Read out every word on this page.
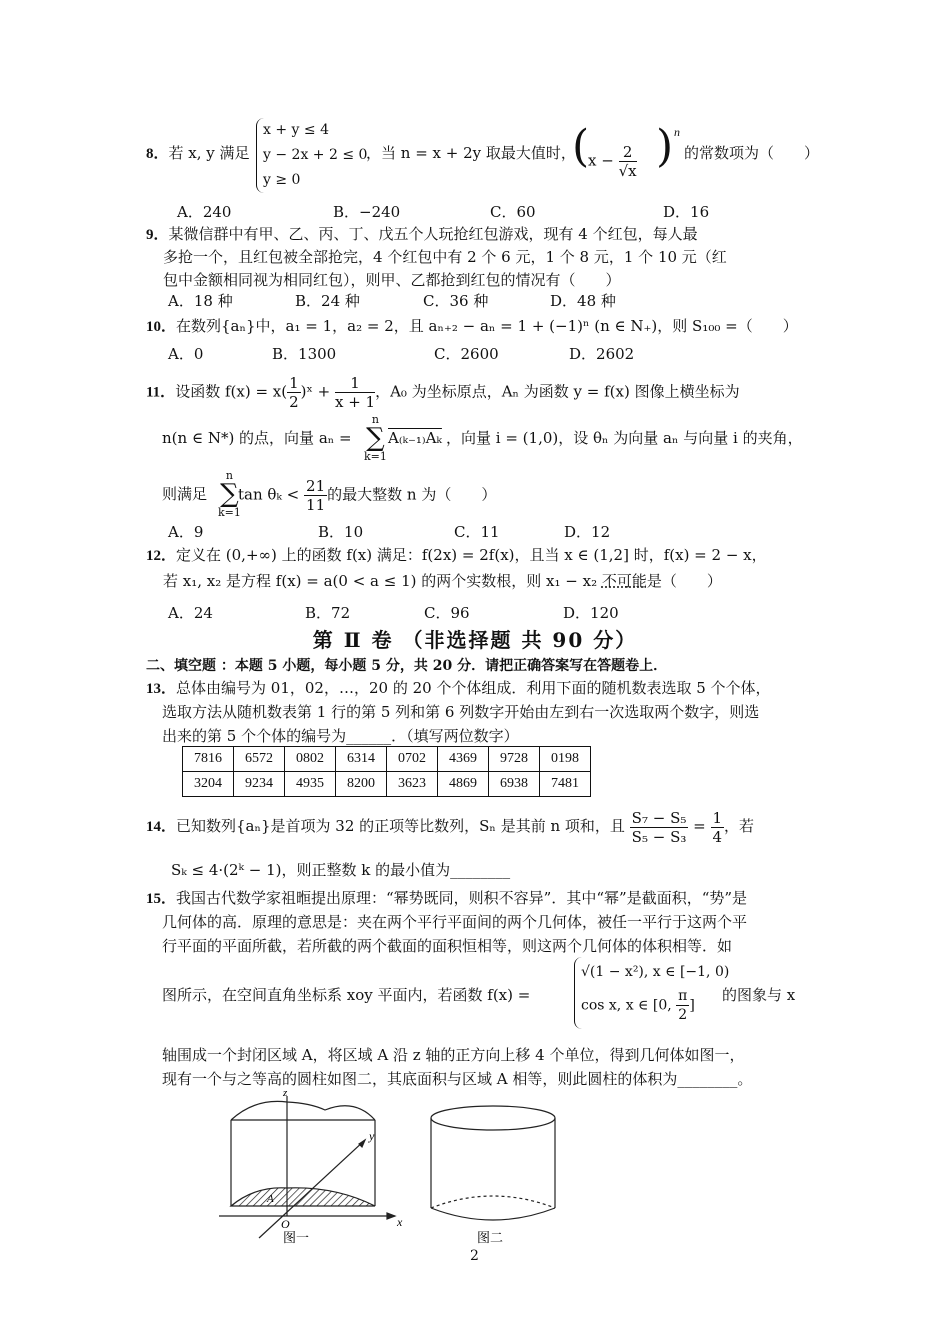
8．若 x, y 满足
x + y ≤ 4
y − 2x + 2 ≤ 0
y ≥ 0
，当 n = x + 2y 取最大值时，
(
$x - \frac{2}{√x}$ ) n
的常数项为（　　）
A．240	B．−240	C．60	D．16
9．某微信群中有甲、乙、丙、丁、戊五个人玩抢红包游戏，现有 4 个红包，每人最
多抢一个，且红包被全部抢完，4 个红包中有 2 个 6 元，1 个 8 元，1 个 10 元（红
包中金额相同视为相同红包），则甲、乙都抢到红包的情况有（　　）
A．18 种	B．24 种	C．36 种	D．48 种
10．在数列{aₙ}中，a₁ = 1，a₂ = 2，且 aₙ₊₂ − aₙ = 1 + (−1)ⁿ (n ∈ N₊)，则 S₁₀₀ =（　　）
A．0	B．1300	C．2600	D．2602
11．设函数 $f(x) = x( \frac{1}{2}$ )ˣ + $\frac{1}{x + 1}$ ，A₀ 为坐标原点，Aₙ 为函数 y = f(x) 图像上横坐标为
n(n ∈ N*) 的点，向量 aₙ =
n
∑
k=1
A₍ₖ₋₁₎Aₖ ，向量 i = (1,0)，设 θₙ 为向量 aₙ 与向量 i 的夹角，
则满足
n
∑
k=1
$\tan \theta_k < \frac{21}{11}$ 的最大整数 n 为（　　）
A．9	B．10	C．11	D．12
12．定义在 (0,+∞) 上的函数 f(x) 满足：f(2x) = 2f(x)，且当 x ∈ (1,2] 时，f(x) = 2 − x，
若 x₁, x₂ 是方程 f(x) = a(0 < a ≤ 1) 的两个实数根，则 x₁ − x₂ 不可能是（　　）
A．24	B．72	C．96	D．120
第 Ⅱ 卷 （非选择题 共 90 分）
二、填空题 ：本题 5 小题，每小题 5 分，共 20 分．请把正确答案写在答题卷上．
13．总体由编号为 01，02，…，20 的 20 个个体组成．利用下面的随机数表选取 5 个个体，
选取方法从随机数表第 1 行的第 5 列和第 6 列数字开始由左到右一次选取两个数字，则选
出来的第 5 个个体的编号为______．（填写两位数字）
7816	6572	0802	6314	0702	4369	9728	0198
3204	9234	4935	8200	3623	4869	6938	7481
14．已知数列{aₙ}是首项为 32 的正项等比数列，Sₙ 是其前 n 项和，且 $\frac{\text{S₇ − S₅}}{\text{S₅ − S₃}} = \frac{1}{4}$ ，若
Sₖ ≤ 4·(2ᵏ − 1)，则正整数 k 的最小值为________
15．我国古代数学家祖暅提出原理：“幂势既同，则积不容异”．其中“幂”是截面积，“势”是
几何体的高．原理的意思是：夹在两个平行平面间的两个几何体，被任一平行于这两个平
行平面的平面所截，若所截的两个截面的面积恒相等，则这两个几何体的体积相等．如
图所示，在空间直角坐标系 xoy 平面内，若函数 f(x) =
√(1 − x²), x ∈ [−1, 0)
cos x, x ∈ [0, $\frac{\pi}{2}$ ]
的图象与 x
轴围成一个封闭区域 A，将区域 A 沿 z 轴的正方向上移 4 个单位，得到几何体如图一，
现有一个与之等高的圆柱如图二，其底面积与区域 A 相等，则此圆柱的体积为________。
z
y
x
O
A
图一	图二
2
